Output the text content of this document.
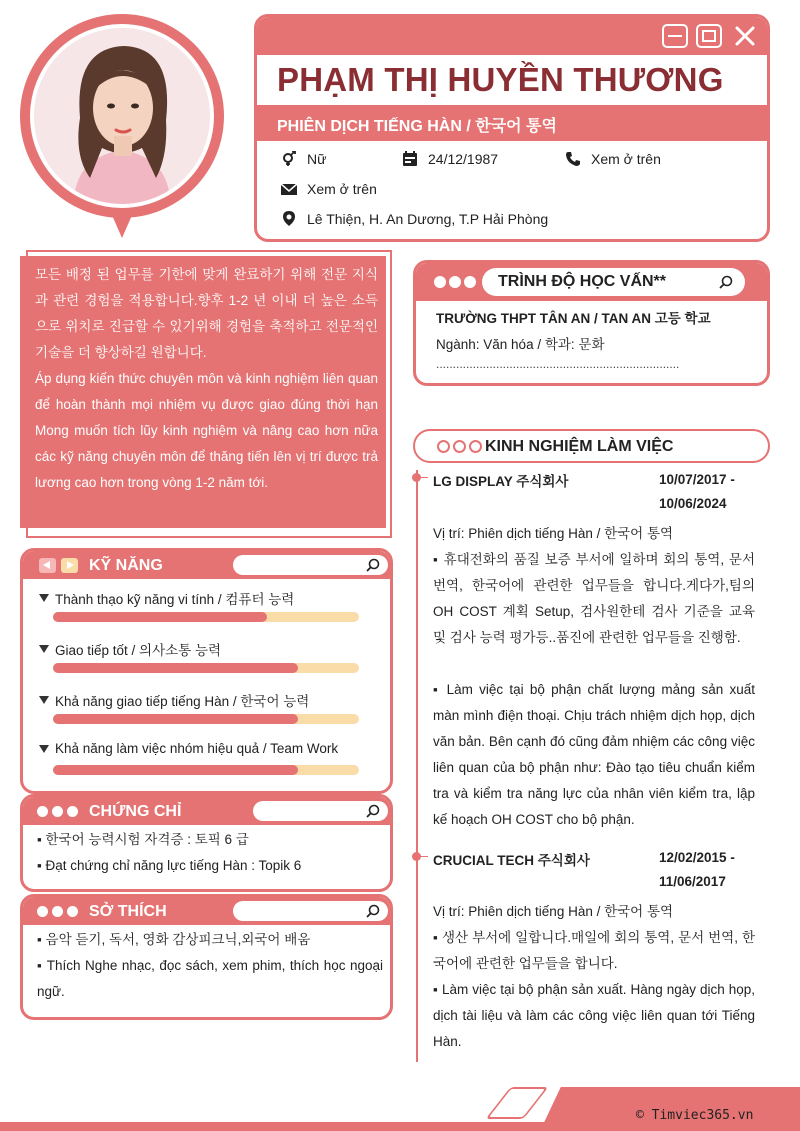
PHẠM THỊ HUYỀN THƯƠNG
PHIÊN DỊCH TIẾNG HÀN / 한국어 통역
Nữ	24/12/1987	Xem ở trên
Xem ở trên
Lê Thiện, H. An Dương, T.P Hải Phòng
모든 배정 된 업무를 기한에 맞게 완료하기 위해 전문 지식과 관련 경험을 적용합니다.향후 1-2 년 이내 더 높은 소득으로 위치로 진급할 수 있기위해 경험을 축적하고 전문적인 기술을 더 향상하길 원합니다.
Áp dụng kiến thức chuyên môn và kinh nghiệm liên quan để hoàn thành mọi nhiệm vụ được giao đúng thời hạn Mong muốn tích lũy kinh nghiệm và nâng cao hơn nữa các kỹ năng chuyên môn để thăng tiến lên vị trí được trả lương cao hơn trong vòng 1-2 năm tới.
KỸ NĂNG
Thành thạo kỹ năng vi tính / 컴퓨터 능력
Giao tiếp tốt / 의사소통 능력
Khả năng giao tiếp tiếng Hàn / 한국어 능력
Khả năng làm việc nhóm hiệu quả / Team Work
CHỨNG CHỈ
▪ 한국어 능력시험 자격증 : 토픽 6 급
▪ Đạt chứng chỉ năng lực tiếng Hàn : Topik 6
SỞ THÍCH
▪ 음악 듣기, 독서, 영화 감상피크닉,외국어 배움
▪ Thích Nghe nhạc, đọc sách, xem phim, thích học ngoại ngữ.
TRÌNH ĐỘ HỌC VẤN**
TRƯỜNG THPT TÂN AN / TAN AN 고등 학교
Ngành: Văn hóa / 학과: 문화
.........................................................................
KINH NGHIỆM LÀM VIỆC
LG DISPLAY 주식회사	10/07/2017 -
10/06/2024
Vị trí: Phiên dịch tiếng Hàn / 한국어 통역
▪ 휴대전화의 품질 보증 부서에 일하며 회의 통역, 문서 번역, 한국어에 관련한 업무들을 합니다.게다가,팀의 OH COST 계획 Setup, 검사원한테 검사 기준을 교육 및 검사 능력 평가등..품진에 관련한 업무들을 진행함.
▪ Làm việc tại bộ phận chất lượng mảng sản xuất màn mình điện thoại. Chịu trách nhiệm dịch họp, dịch văn bản. Bên cạnh đó cũng đảm nhiệm các công việc liên quan của bộ phận như: Đào tạo tiêu chuẩn kiểm tra và kiểm tra năng lực của nhân viên kiểm tra, lập kế hoạch OH COST cho bộ phận.
CRUCIAL TECH 주식회사	12/02/2015 -
11/06/2017
Vị trí: Phiên dịch tiếng Hàn / 한국어 통역
▪ 생산 부서에 일합니다.매일에 회의 통역, 문서 번역, 한국어에 관련한 업무들을 합니다.
▪ Làm việc tại bộ phận sản xuất. Hàng ngày dịch họp, dịch tài liệu và làm các công việc liên quan tới Tiếng Hàn.
© Timviec365.vn
